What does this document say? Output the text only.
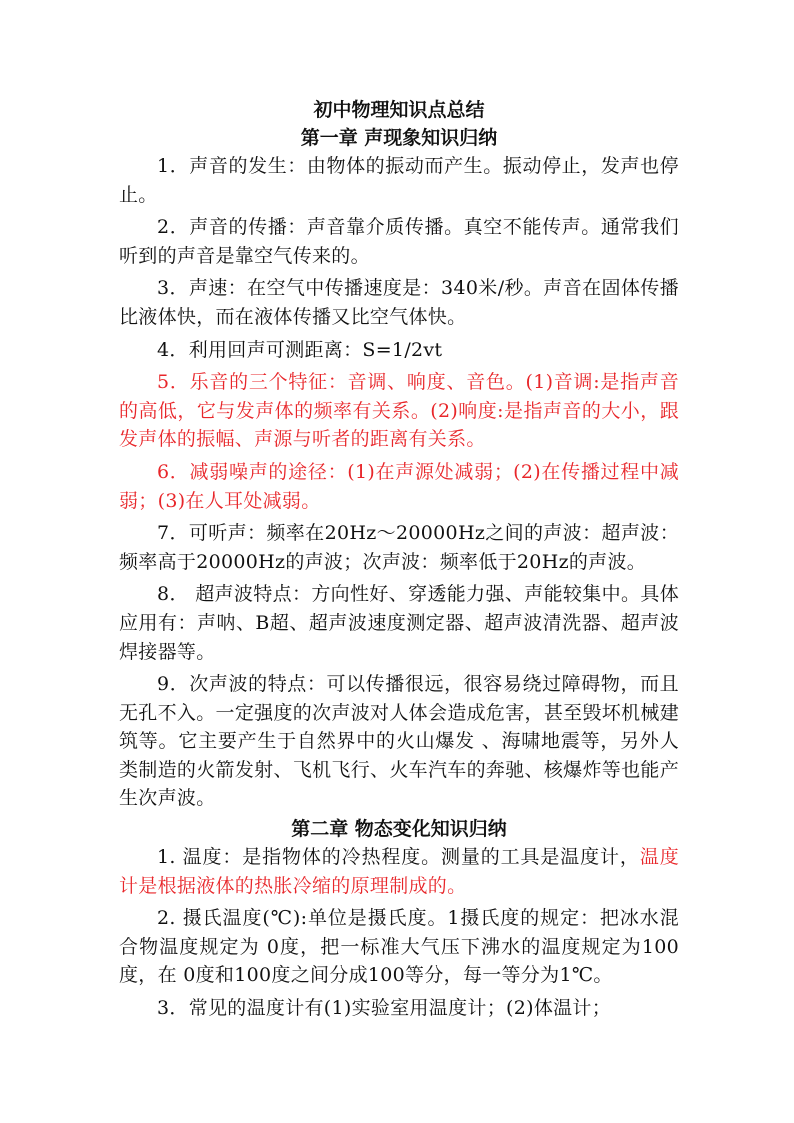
初中物理知识点总结
第一章 声现象知识归纳

1．声音的发生：由物体的振动而产生。振动停止，发声也停止。

2．声音的传播：声音靠介质传播。真空不能传声。通常我们听到的声音是靠空气传来的。

3．声速：在空气中传播速度是：340米/秒。声音在固体传播比液体快，而在液体传播又比空气体快。

4．利用回声可测距离：S=1/2vt

5．乐音的三个特征：音调、响度、音色。(1)音调:是指声音的高低，它与发声体的频率有关系。(2)响度:是指声音的大小，跟发声体的振幅、声源与听者的距离有关系。

6．减弱噪声的途径：(1)在声源处减弱；(2)在传播过程中减弱；(3)在人耳处减弱。

7．可听声：频率在20Hz～20000Hz之间的声波：超声波：频率高于20000Hz的声波；次声波：频率低于20Hz的声波。

8． 超声波特点：方向性好、穿透能力强、声能较集中。具体应用有：声呐、B超、超声波速度测定器、超声波清洗器、超声波焊接器等。

9．次声波的特点：可以传播很远，很容易绕过障碍物，而且无孔不入。一定强度的次声波对人体会造成危害，甚至毁坏机械建筑等。它主要产生于自然界中的火山爆发 、海啸地震等，另外人类制造的火箭发射、飞机飞行、火车汽车的奔驰、核爆炸等也能产生次声波。

第二章 物态变化知识归纳

1. 温度：是指物体的冷热程度。测量的工具是温度计，温度计是根据液体的热胀冷缩的原理制成的。

2. 摄氏温度(℃):单位是摄氏度。1摄氏度的规定：把冰水混合物温度规定为 0度，把一标准大气压下沸水的温度规定为100度，在 0度和100度之间分成100等分，每一等分为1℃。

3．常见的温度计有(1)实验室用温度计；(2)体温计；
